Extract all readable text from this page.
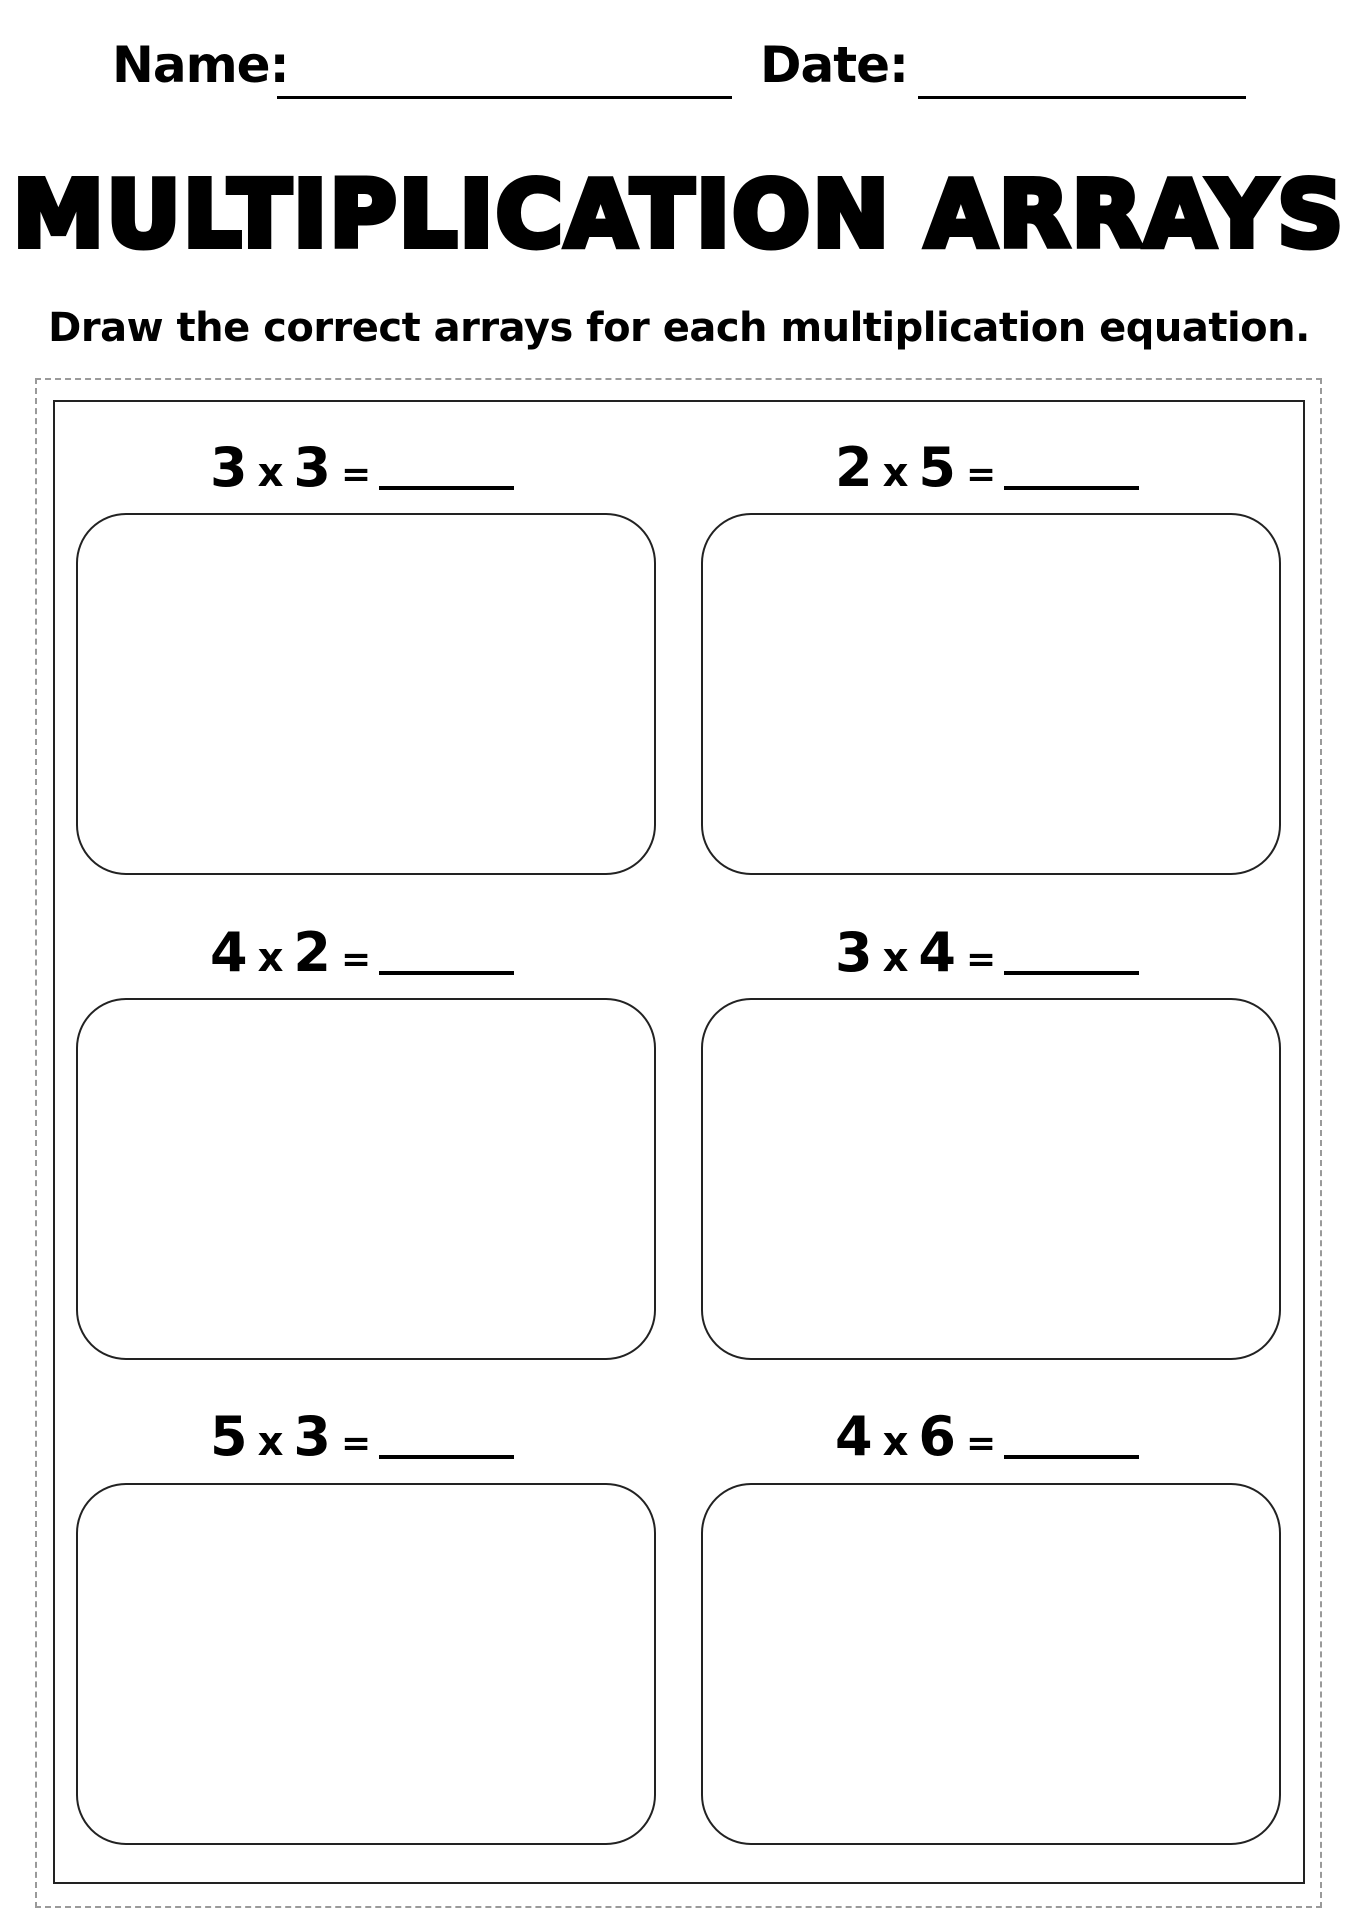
Name:	Date:
MULTIPLICATION ARRAYS
Draw the correct arrays for each multiplication equation.
3 x 3 =	2 x 5 =
4 x 2 =	3 x 4 =
5 x 3 =	4 x 6 =
